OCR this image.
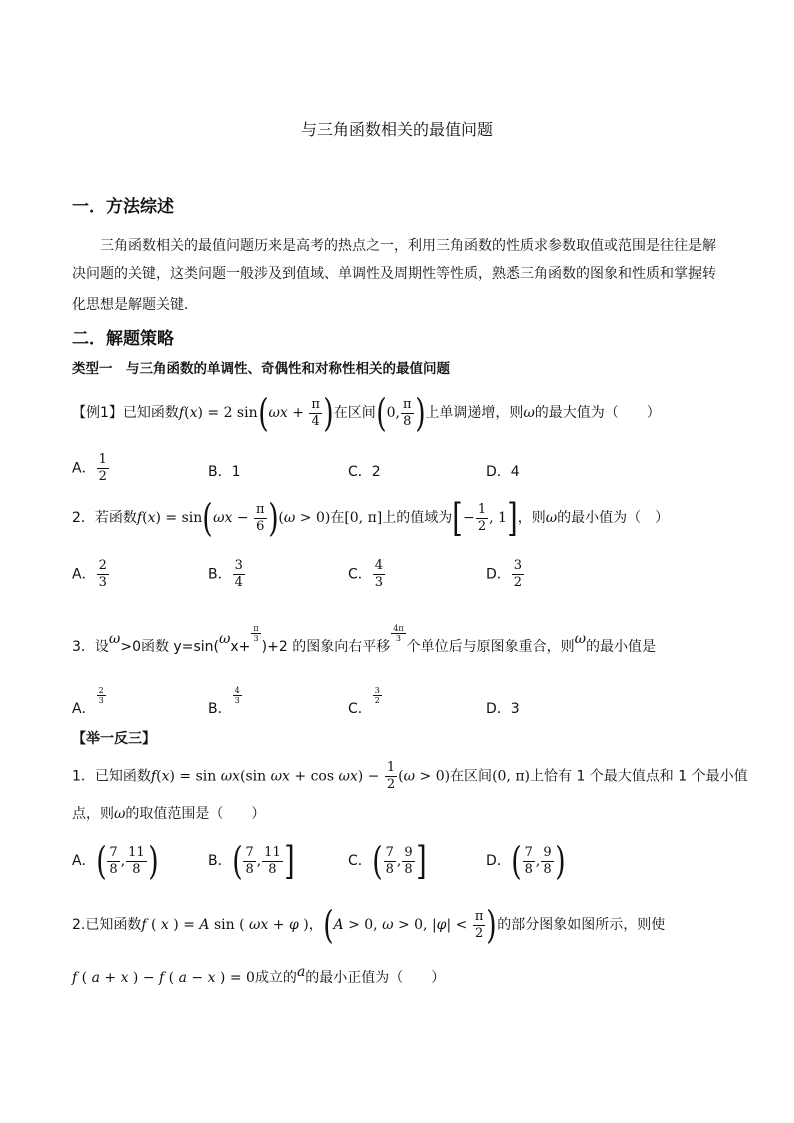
与三角函数相关的最值问题
一．方法综述
三角函数相关的最值问题历来是高考的热点之一，利用三角函数的性质求参数取值或范围是往往是解
决问题的关键，这类问题一般涉及到值域、单调性及周期性等性质，熟悉三角函数的图象和性质和掌握转
化思想是解题关键．
二．解题策略
类型一　与三角函数的单调性、奇偶性和对称性相关的最值问题
【例1】已知函数f(x) = 2 $\sin(\omega x + \frac{\pi}{4}$ )在区间(0, $\frac{\pi}{8}$ )上单调递增，则ω的最大值为（　　）
A． $\frac{1}{2}$	B．1	C．2	D．4
2．若函数$f(x) = \sin(\omega x - \frac{\pi}{6} )(\omega > 0)$在[0, π]上的值域为[− $\frac{1}{2}$ , 1]，则ω的最小值为（　）
A． $\frac{2}{3}$	B． $\frac{3}{4}$	C． $\frac{4}{3}$	D． $\frac{3}{2}$
3．设ω>0函数 y=sin(ωx+
$\frac{\pi}{3}$
)+2 的图象向右平移
$\frac{4\pi}{3}$
个单位后与原图象重合，则ω的最小值是
A．
$\frac{2}{3}$
B．
$\frac{4}{3}$
C．
$\frac{3}{2}$
D．3
【举一反三】
1．已知函数f(x) = sin ωx(sin $\omega x + \cos \omega x) - \frac{1}{2} (\omega > 0)$在区间(0, π)上恰有 1 个最大值点和 1 个最小值
点，则ω的取值范围是（　　）
A．( $\frac{7}{8}$ , $\frac{11}{8}$ )	B．( $\frac{7}{8}$ , $\frac{11}{8}$ ]	C．( $\frac{7}{8}$ , $\frac{9}{8}$ ]	D．( $\frac{7}{8}$ , $\frac{9}{8}$ )
2.已知函数f ( x ) = A sin ( ωx + φ )，(A > 0, ω > 0, $|\varphi| < \frac{\pi}{2}$ )的部分图象如图所示，则使
f ( a + x ) − f ( a − x ) = 0成立的a的最小正值为（　　）
